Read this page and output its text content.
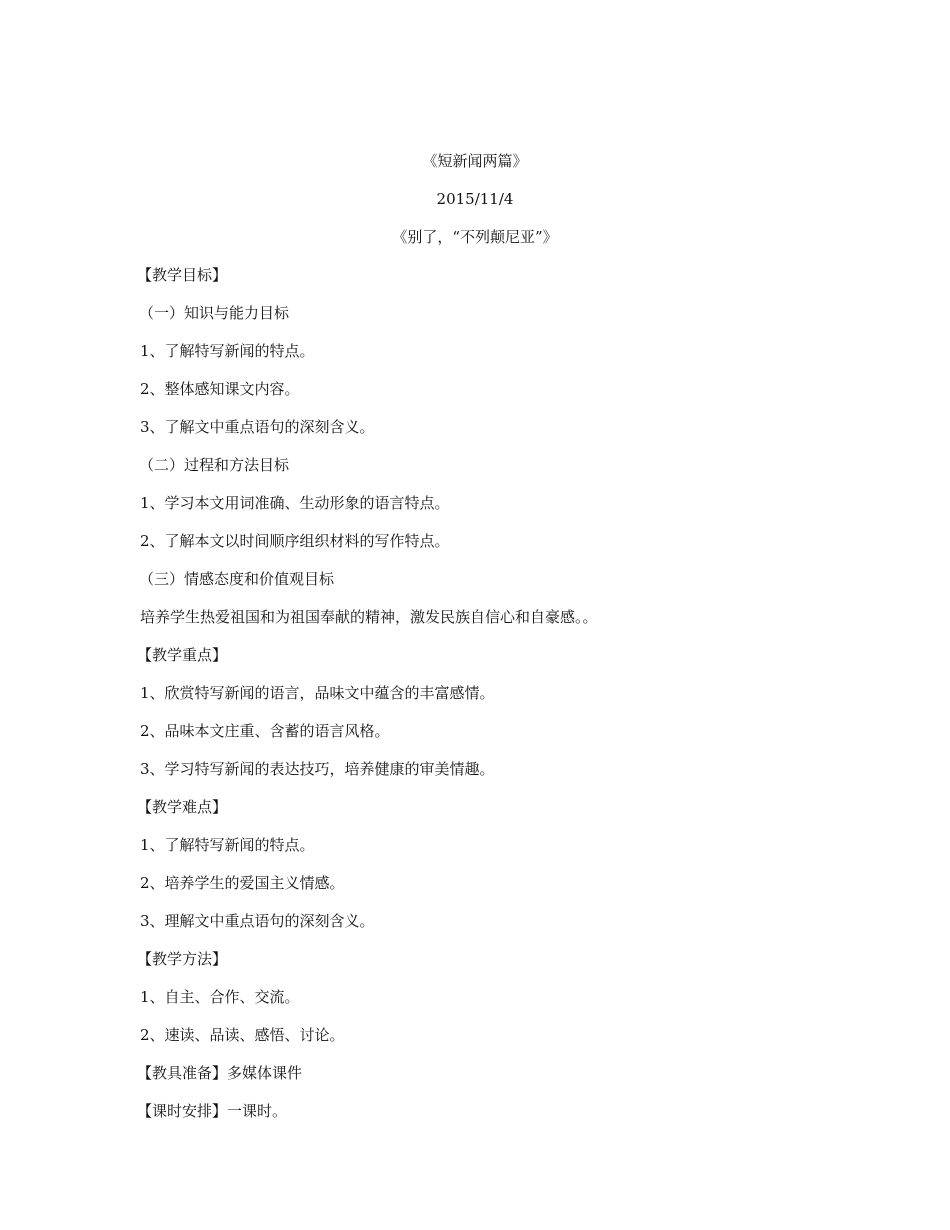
《短新闻两篇》
2015/11/4
《别了，“不列颠尼亚”》
【教学目标】
（一）知识与能力目标
1、了解特写新闻的特点。
2、整体感知课文内容。
3、了解文中重点语句的深刻含义。
（二）过程和方法目标
1、学习本文用词准确、生动形象的语言特点。
2、了解本文以时间顺序组织材料的写作特点。
（三）情感态度和价值观目标
培养学生热爱祖国和为祖国奉献的精神，激发民族自信心和自豪感。。
【教学重点】
1、欣赏特写新闻的语言，品味文中蕴含的丰富感情。
2、品味本文庄重、含蓄的语言风格。
3、学习特写新闻的表达技巧，培养健康的审美情趣。
【教学难点】
1、了解特写新闻的特点。
2、培养学生的爱国主义情感。
3、理解文中重点语句的深刻含义。
【教学方法】
1、自主、合作、交流。
2、速读、品读、感悟、讨论。
【教具准备】多媒体课件
【课时安排】一课时。
